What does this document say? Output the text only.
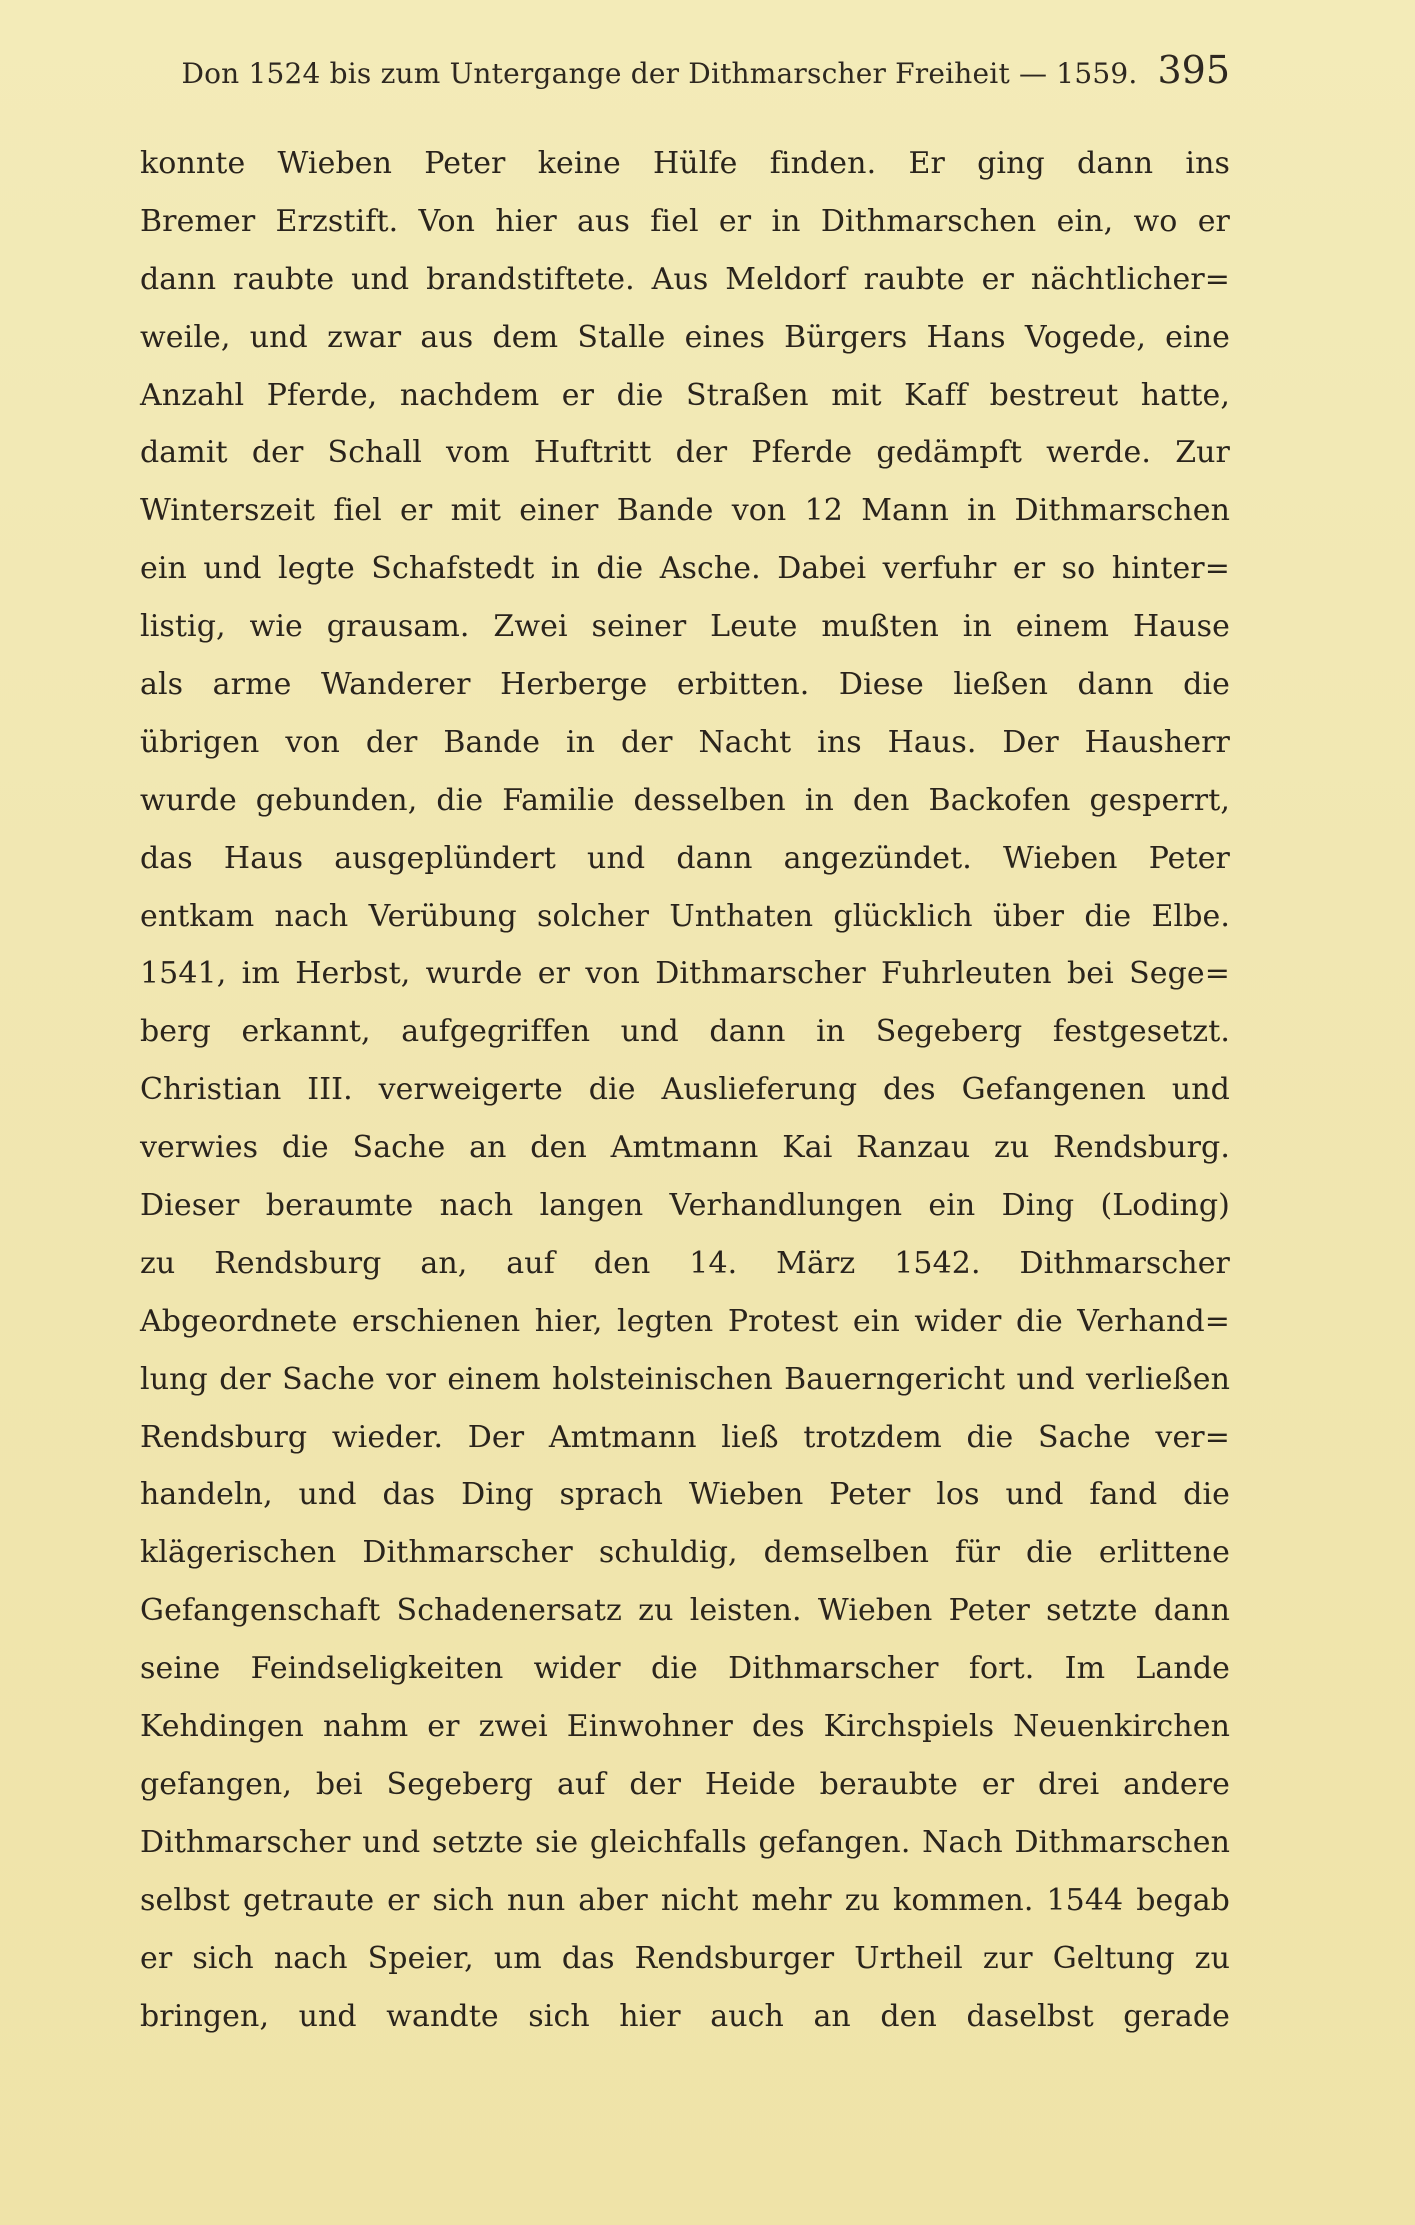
Don 1524 bis zum Untergange der Dithmarscher Freiheit — 1559. 395
konnte Wieben Peter keine Hülfe finden. Er ging dann ins
Bremer Erzstift. Von hier aus fiel er in Dithmarschen ein, wo er
dann raubte und brandstiftete. Aus Meldorf raubte er nächtlicher=
weile, und zwar aus dem Stalle eines Bürgers Hans Vogede, eine
Anzahl Pferde, nachdem er die Straßen mit Kaff bestreut hatte,
damit der Schall vom Huftritt der Pferde gedämpft werde. Zur
Winterszeit fiel er mit einer Bande von 12 Mann in Dithmarschen
ein und legte Schafstedt in die Asche. Dabei verfuhr er so hinter=
listig, wie grausam. Zwei seiner Leute mußten in einem Hause
als arme Wanderer Herberge erbitten. Diese ließen dann die
übrigen von der Bande in der Nacht ins Haus. Der Hausherr
wurde gebunden, die Familie desselben in den Backofen gesperrt,
das Haus ausgeplündert und dann angezündet. Wieben Peter
entkam nach Verübung solcher Unthaten glücklich über die Elbe.
1541, im Herbst, wurde er von Dithmarscher Fuhrleuten bei Sege=
berg erkannt, aufgegriffen und dann in Segeberg festgesetzt.
Christian III. verweigerte die Auslieferung des Gefangenen und
verwies die Sache an den Amtmann Kai Ranzau zu Rendsburg.
Dieser beraumte nach langen Verhandlungen ein Ding (Loding)
zu Rendsburg an, auf den 14. März 1542. Dithmarscher
Abgeordnete erschienen hier, legten Protest ein wider die Verhand=
lung der Sache vor einem holsteinischen Bauerngericht und verließen
Rendsburg wieder. Der Amtmann ließ trotzdem die Sache ver=
handeln, und das Ding sprach Wieben Peter los und fand die
klägerischen Dithmarscher schuldig, demselben für die erlittene
Gefangenschaft Schadenersatz zu leisten. Wieben Peter setzte dann
seine Feindseligkeiten wider die Dithmarscher fort. Im Lande
Kehdingen nahm er zwei Einwohner des Kirchspiels Neuenkirchen
gefangen, bei Segeberg auf der Heide beraubte er drei andere
Dithmarscher und setzte sie gleichfalls gefangen. Nach Dithmarschen
selbst getraute er sich nun aber nicht mehr zu kommen. 1544 begab
er sich nach Speier, um das Rendsburger Urtheil zur Geltung zu
bringen, und wandte sich hier auch an den daselbst gerade
